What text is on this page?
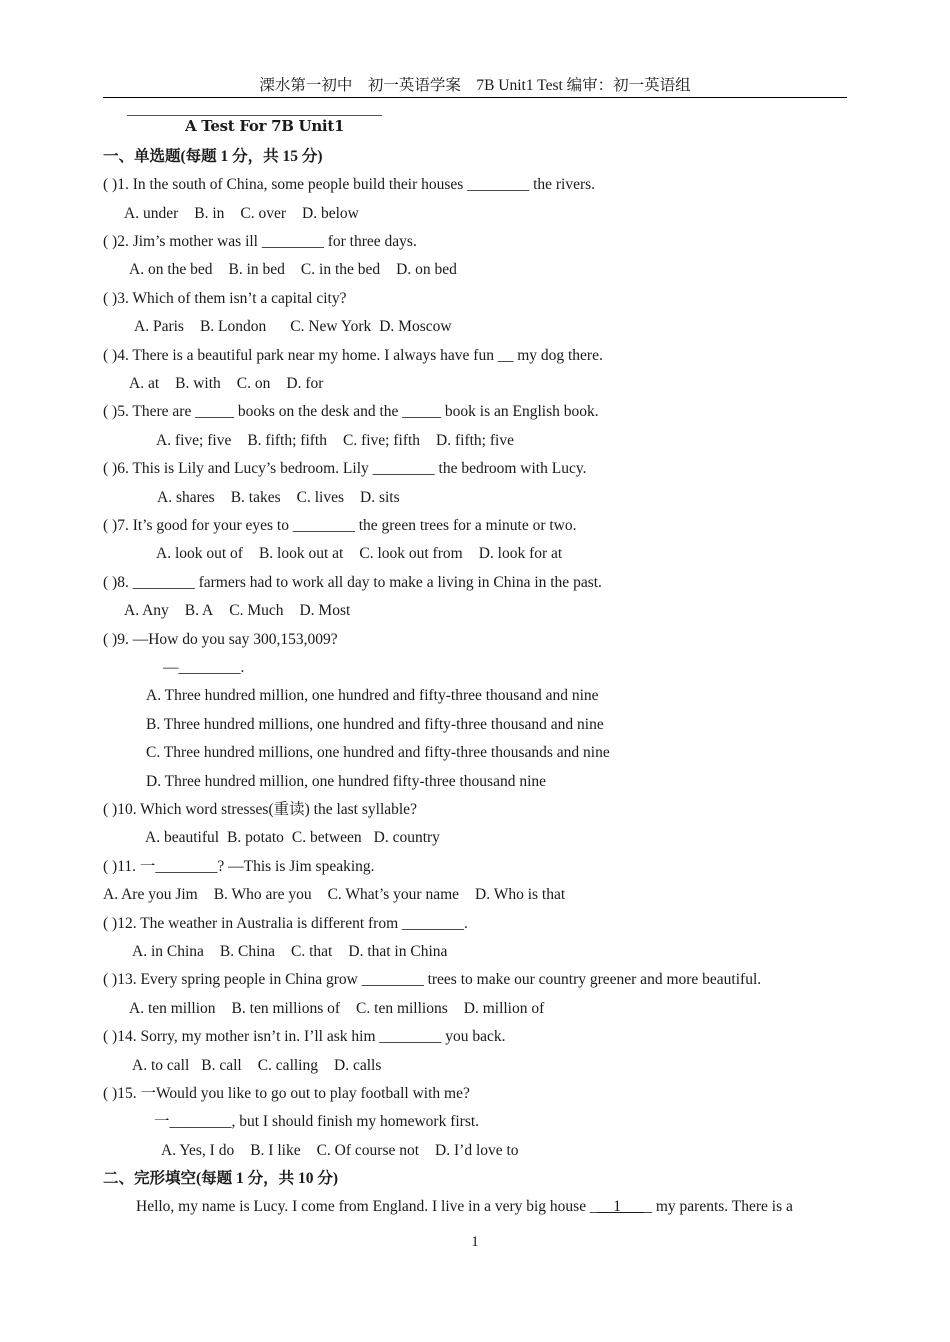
溧水第一初中　初一英语学案　7B Unit1 Test 编审：初一英语组
A Test For 7B Unit1
一、单选题(每题 1 分，共 15 分)
( )1. In the south of China, some people build their houses ________ the rivers.
A. under B. in C. over D. below
( )2. Jim’s mother was ill ________ for three days.
A. on the bed B. in bed C. in the bed D. on bed
( )3. Which of them isn’t a capital city?
A. Paris B. London C. New York D. Moscow
( )4. There is a beautiful park near my home. I always have fun __ my dog there.
A. at B. with C. on D. for
( )5. There are _____ books on the desk and the _____ book is an English book.
A. five; five B. fifth; fifth C. five; fifth D. fifth; five
( )6. This is Lily and Lucy’s bedroom. Lily ________ the bedroom with Lucy.
A. shares B. takes C. lives D. sits
( )7. It’s good for your eyes to ________ the green trees for a minute or two.
A. look out of B. look out at C. look out from D. look for at
( )8. ________ farmers had to work all day to make a living in China in the past.
A. Any B. A C. Much D. Most
( )9. —How do you say 300,153,009?
—________.
A. Three hundred million, one hundred and fifty-three thousand and nine
B. Three hundred millions, one hundred and fifty-three thousand and nine
C. Three hundred millions, one hundred and fifty-three thousands and nine
D. Three hundred million, one hundred fifty-three thousand nine
( )10. Which word stresses(重读) the last syllable?
A. beautiful B. potato C. between D. country
( )11. 一________? —This is Jim speaking.
A. Are you Jim B. Who are you C. What’s your name D. Who is that
( )12. The weather in Australia is different from ________.
A. in China B. China C. that D. that in China
( )13. Every spring people in China grow ________ trees to make our country greener and more beautiful.
A. ten million B. ten millions of C. ten millions D. million of
( )14. Sorry, my mother isn’t in. I’ll ask him ________ you back.
A. to call B. call C. calling D. calls
( )15. 一Would you like to go out to play football with me?
一________, but I should finish my homework first.
A. Yes, I do B. I like C. Of course not D. I’d love to
二、完形填空(每题 1 分，共 10 分)
Hello, my name is Lucy. I come from England. I live in a very big house ___1____ my parents. There is a
1
